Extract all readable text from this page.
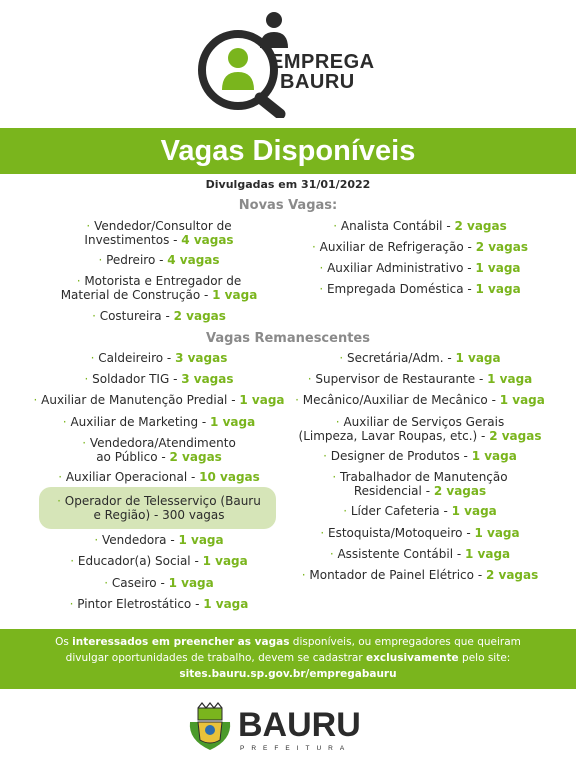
EMPREGA
BAURU
Vagas Disponíveis
Divulgadas em 31/01/2022
Novas Vagas:
Vagas Remanescentes
· Vendedor/Consultor de
Investimentos - 4 vagas
· Pedreiro - 4 vagas
· Motorista e Entregador de
Material de Construção - 1 vaga
· Costureira - 2 vagas
· Analista Contábil - 2 vagas
· Auxiliar de Refrigeração - 2 vagas
· Auxiliar Administrativo - 1 vaga
· Empregada Doméstica - 1 vaga
· Caldeireiro - 3 vagas
· Soldador TIG - 3 vagas
· Auxiliar de Manutenção Predial - 1 vaga
· Auxiliar de Marketing - 1 vaga
· Vendedora/Atendimento
ao Público - 2 vagas
· Auxiliar Operacional - 10 vagas
· Operador de Telesserviço (Bauru
e Região) - 300 vagas
· Vendedora - 1 vaga
· Educador(a) Social - 1 vaga
· Caseiro - 1 vaga
· Pintor Eletrostático - 1 vaga
· Secretária/Adm. - 1 vaga
· Supervisor de Restaurante - 1 vaga
· Mecânico/Auxiliar de Mecânico - 1 vaga
· Auxiliar de Serviços Gerais
(Limpeza, Lavar Roupas, etc.) - 2 vagas
· Designer de Produtos - 1 vaga
· Trabalhador de Manutenção
Residencial - 2 vagas
· Líder Cafeteria - 1 vaga
· Estoquista/Motoqueiro - 1 vaga
· Assistente Contábil - 1 vaga
· Montador de Painel Elétrico - 2 vagas
Os interessados em preencher as vagas disponíveis, ou empregadores que queiram
divulgar oportunidades de trabalho, devem se cadastrar exclusivamente pelo site:
sites.bauru.sp.gov.br/empregabauru
BAURU
PREFEITURA
